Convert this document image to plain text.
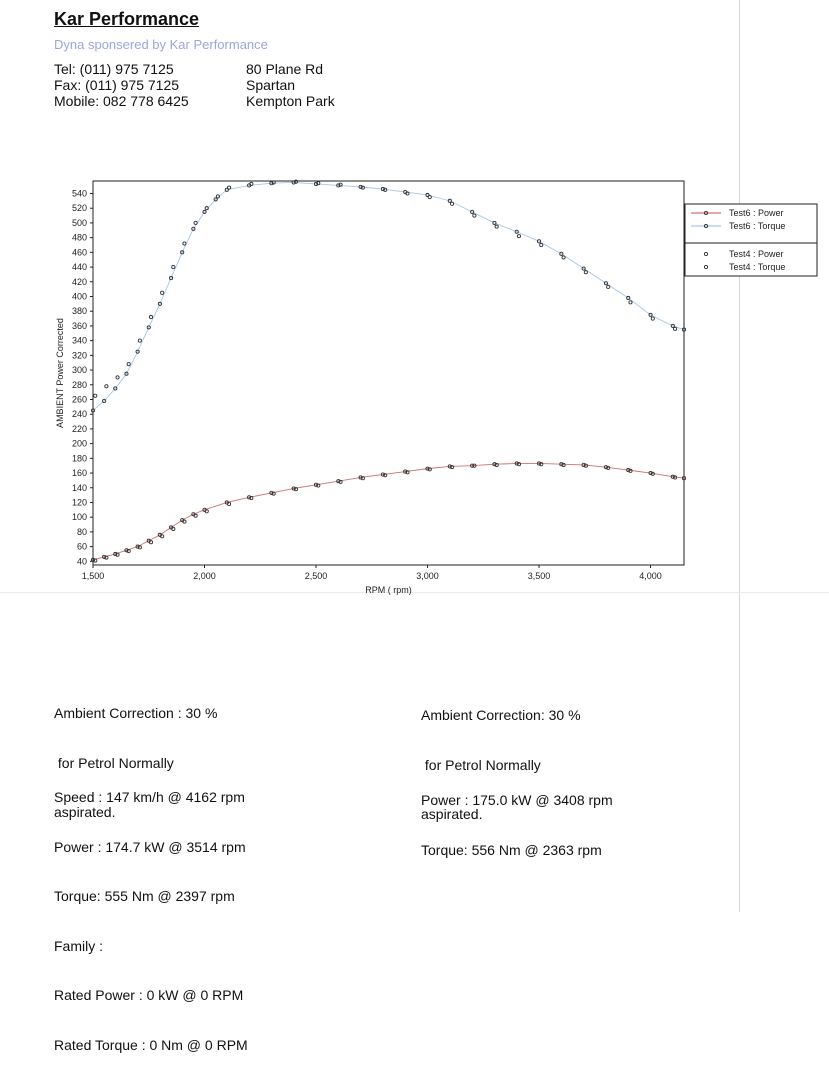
Kar Performance
Dyna sponsered by Kar Performance
Tel: (011) 975 7125
Fax: (011) 975 7125
Mobile: 082 778 6425
80 Plane Rd
Spartan
Kempton Park
40
60
80
100
120
140
160
180
200
220
240
260
280
300
320
340
360
380
400
420
440
460
480
500
520
540
1,500	2,000	2,500	3,000	3,500	4,000
RPM ( rpm)
AMBIENT Power Corrected
Test6 : Power
Test6 : Torque
Test4 : Power
Test4 : Torque

Ambient Correction : 30 %

for Petrol Normally

aspirated.

Speed : 147 km/h @ 4162 rpm

Power : 174.7 kW @ 3514 rpm

Torque: 555 Nm @ 2397 rpm

Family :

Rated Power : 0 kW @ 0 RPM

Rated Torque : 0 Nm @ 0 RPM

Ambient Correction: 30 %

for Petrol Normally

aspirated.

Power : 175.0 kW @ 3408 rpm

Torque: 556 Nm @ 2363 rpm
